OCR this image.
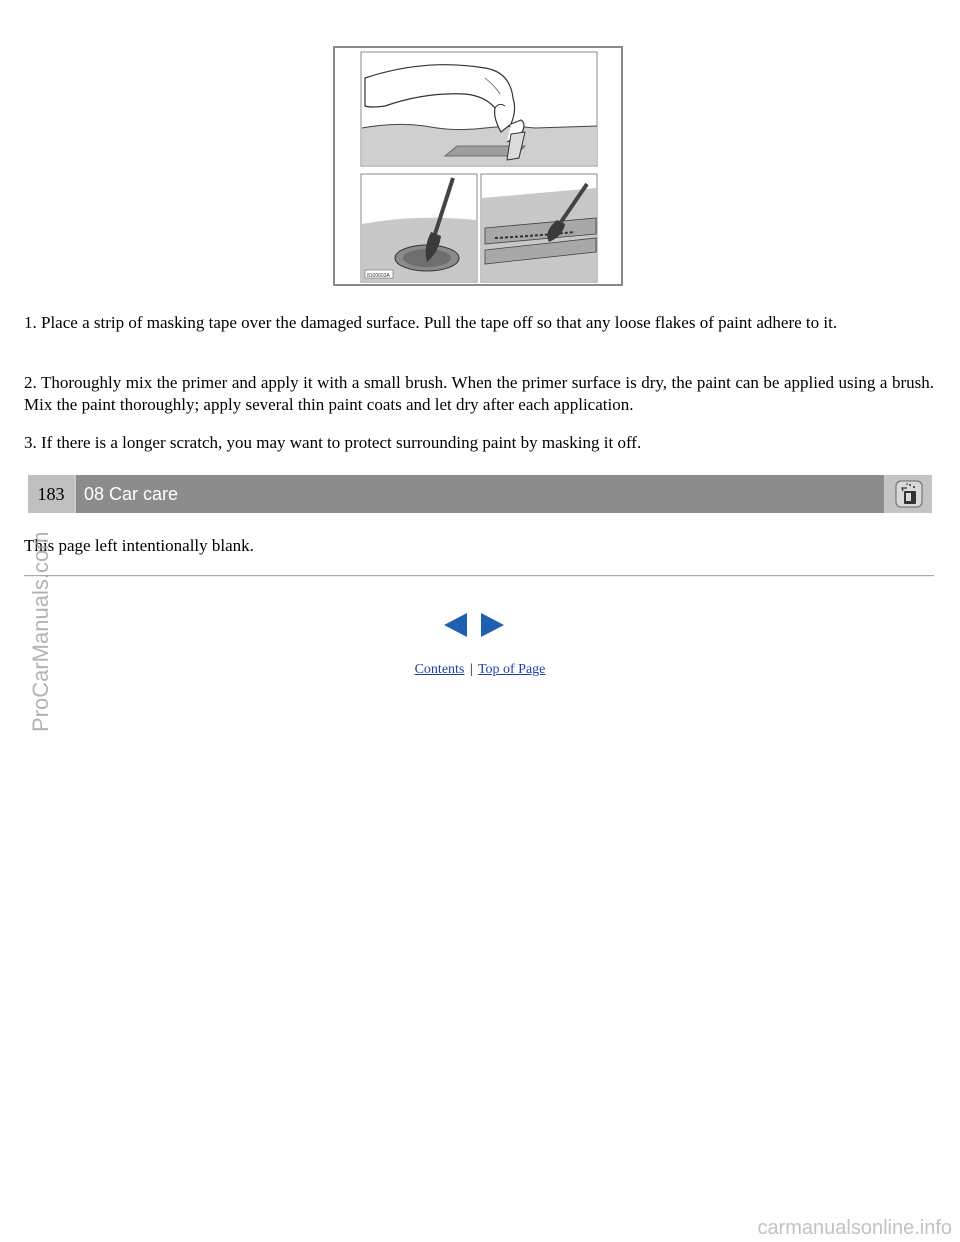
8100603A

1. Place a strip of masking tape over the damaged surface. Pull the tape off so that any loose flakes of paint adhere to it.

2. Thoroughly mix the primer and apply it with a small brush. When the primer surface is dry, the paint can be applied using a brush. Mix the paint thoroughly; apply several thin paint coats and let dry after each application.

3. If there is a longer scratch, you may want to protect surrounding paint by masking it off.

183	08 Car care

This page left intentionally blank.

Contents | Top of Page
ProCarManuals.com
carmanualsonline.info
